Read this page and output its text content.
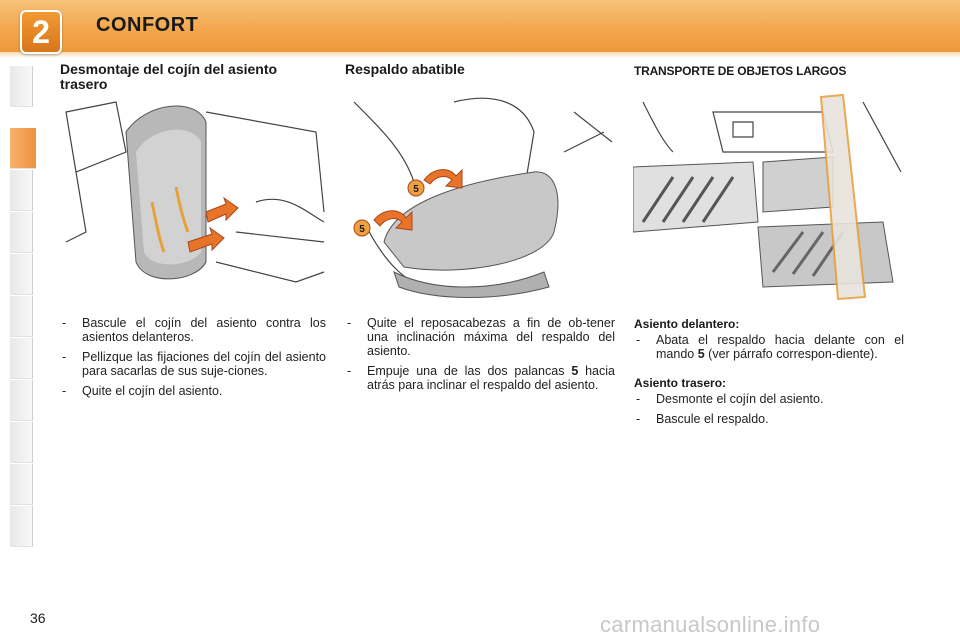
2	CONFORT
Desmontaje del cojín del asiento trasero
Respaldo abatible	TRANSPORTE DE OBJETOS LARGOS
5
5
- Bascule el cojín del asiento contra los asientos delanteros.
- Pellizque las fijaciones del cojín del asiento para sacarlas de sus suje-ciones.
- Quite el cojín del asiento.
- Quite el reposacabezas a fin de ob-tener una inclinación máxima del respaldo del asiento.
- Empuje una de las dos palancas 5 hacia atrás para inclinar el respaldo del asiento.

Asiento delantero:

- Abata el respaldo hacia delante con el mando 5 (ver párrafo correspon-diente).

Asiento trasero:

- Desmonte el cojín del asiento.
- Bascule el respaldo.
36	carmanualsonline.info
